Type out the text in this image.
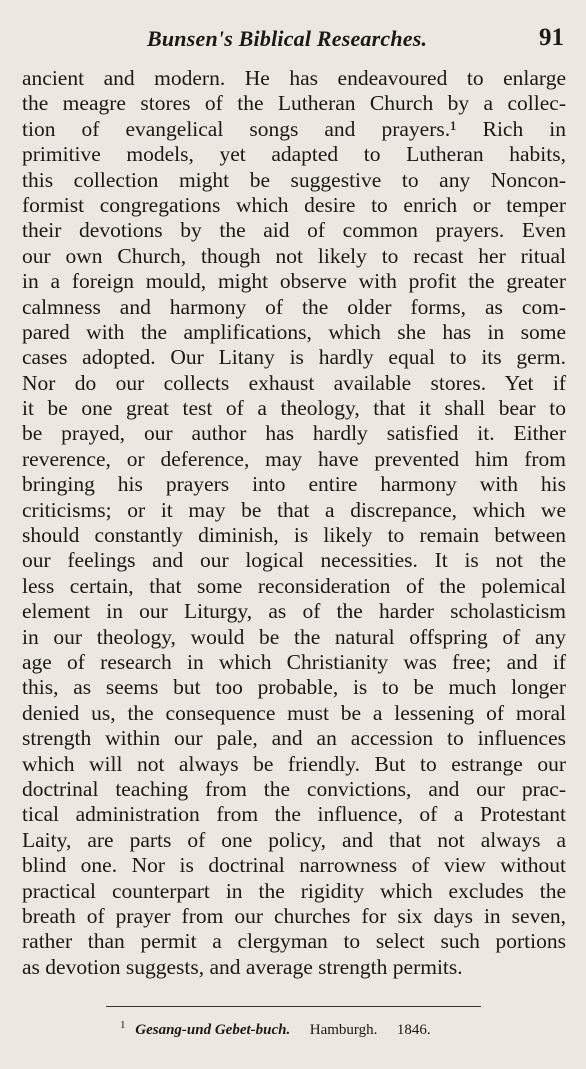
Bunsen's Biblical Researches.	91
ancient and modern. He has endeavoured to enlarge
the meagre stores of the Lutheran Church by a collec-
tion of evangelical songs and prayers.¹ Rich in
primitive models, yet adapted to Lutheran habits,
this collection might be suggestive to any Noncon-
formist congregations which desire to enrich or temper
their devotions by the aid of common prayers. Even
our own Church, though not likely to recast her ritual
in a foreign mould, might observe with profit the greater
calmness and harmony of the older forms, as com-
pared with the amplifications, which she has in some
cases adopted. Our Litany is hardly equal to its germ.
Nor do our collects exhaust available stores. Yet if
it be one great test of a theology, that it shall bear to
be prayed, our author has hardly satisfied it. Either
reverence, or deference, may have prevented him from
bringing his prayers into entire harmony with his
criticisms; or it may be that a discrepance, which we
should constantly diminish, is likely to remain between
our feelings and our logical necessities. It is not the
less certain, that some reconsideration of the polemical
element in our Liturgy, as of the harder scholasticism
in our theology, would be the natural offspring of any
age of research in which Christianity was free; and if
this, as seems but too probable, is to be much longer
denied us, the consequence must be a lessening of moral
strength within our pale, and an accession to influences
which will not always be friendly. But to estrange our
doctrinal teaching from the convictions, and our prac-
tical administration from the influence, of a Protestant
Laity, are parts of one policy, and that not always a
blind one. Nor is doctrinal narrowness of view without
practical counterpart in the rigidity which excludes the
breath of prayer from our churches for six days in seven,
rather than permit a clergyman to select such portions
as devotion suggests, and average strength permits.
$^1$ Gesang-und Gebet-buch. Hamburgh. 1846.
